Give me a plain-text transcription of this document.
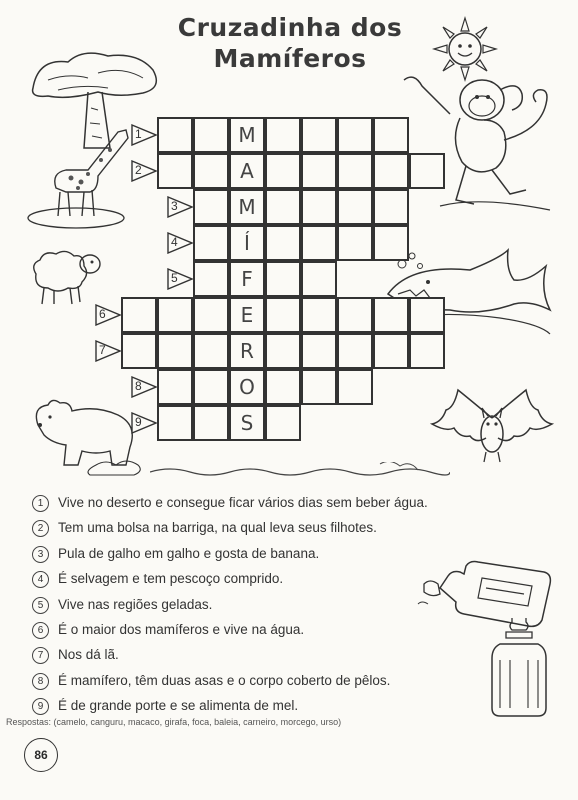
Cruzadinha dos
Mamíferos
M
1
A
2
M
3
Í
4
F
5
E
6
R
7
O
8
S
9
1	Vive no deserto e consegue ficar vários dias sem beber água.
2	Tem uma bolsa na barriga, na qual leva seus filhotes.
3	Pula de galho em galho e gosta de banana.
4	É selvagem e tem pescoço comprido.
5	Vive nas regiões geladas.
6	É o maior dos mamíferos e vive na água.
7	Nos dá lã.
8	É mamífero, têm duas asas e o corpo coberto de pêlos.
9	É de grande porte e se alimenta de mel.
Respostas: (camelo, canguru, macaco, girafa, foca, baleia, carneiro, morcego, urso)
86
